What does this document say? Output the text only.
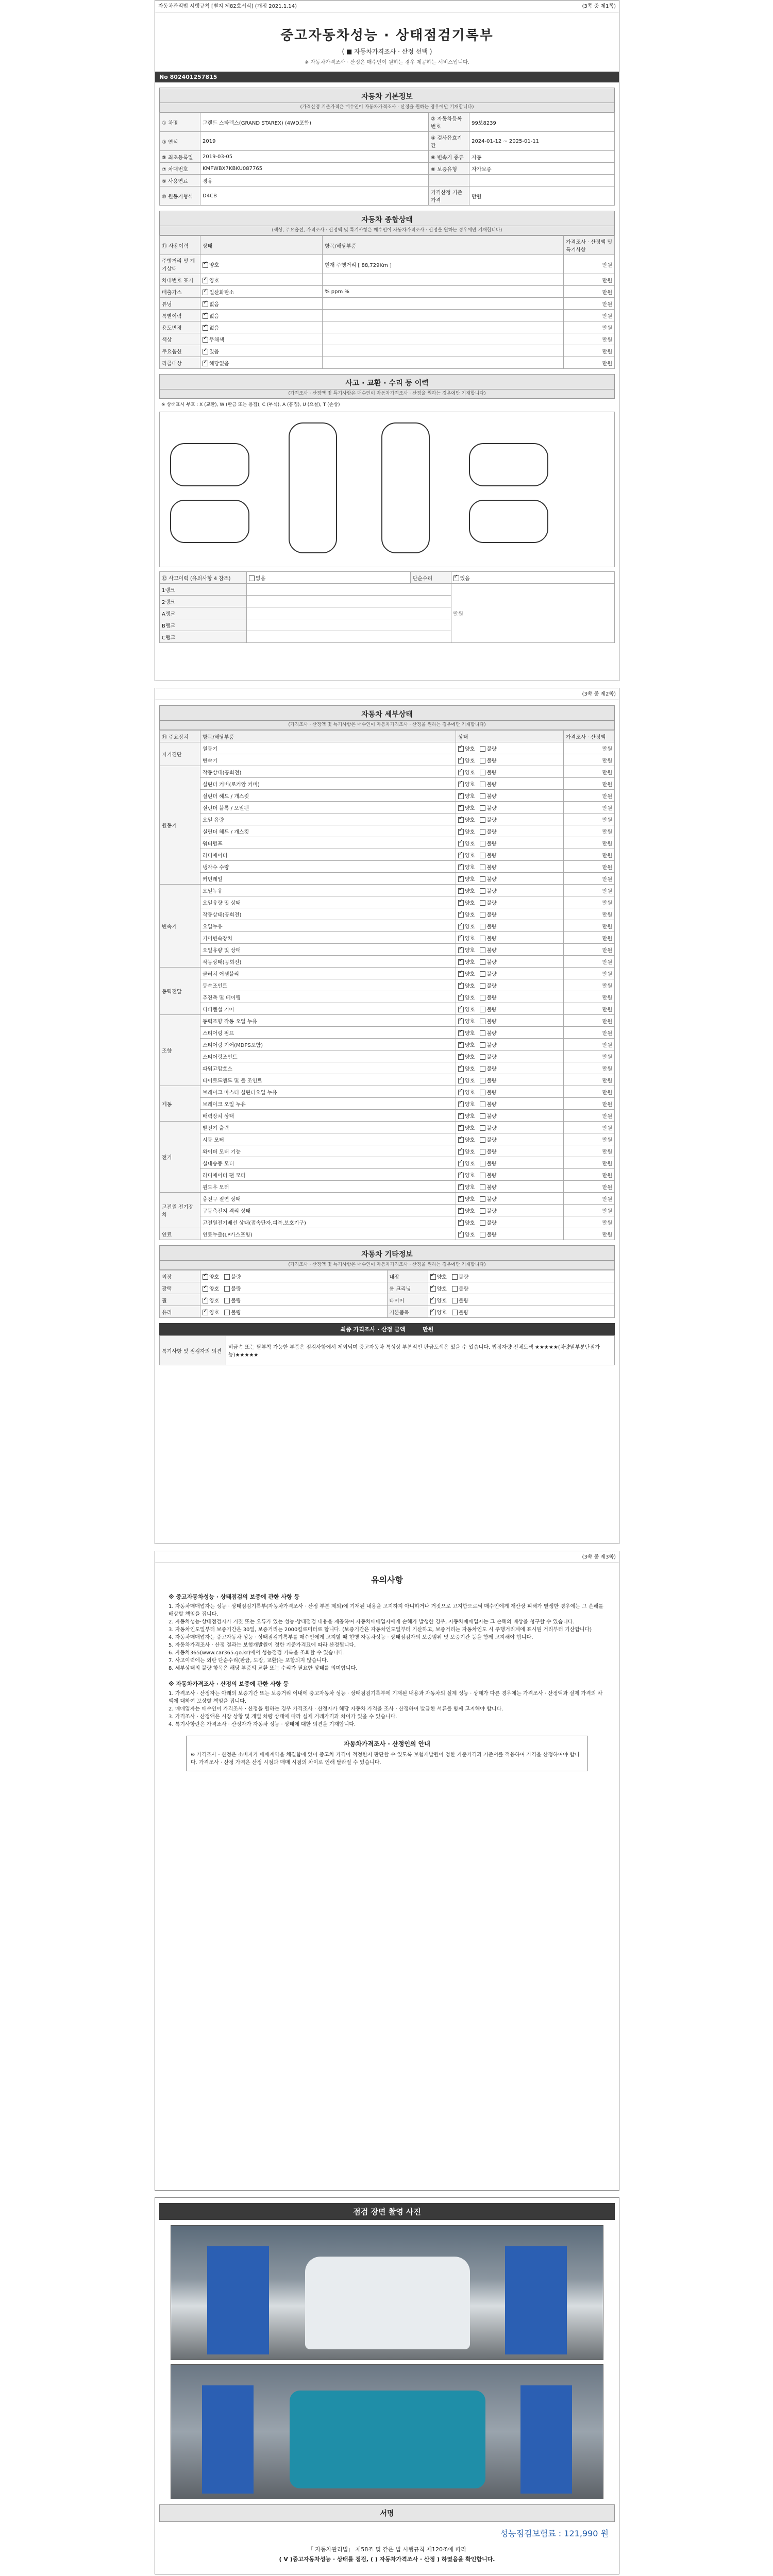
자동차관리법 시행규칙 [별지 제82호서식] (개정 2021.1.14)	(3쪽 중 제1쪽)
중고자동차성능 · 상태점검기록부
( ■ 자동차가격조사 · 산정 선택 )
※ 자동차가격조사 · 산정은 매수인이 원하는 경우 제공하는 서비스입니다.
No 802401257815
자동차 기본정보
(가격산정 기준가격은 매수인이 자동차가격조사 · 산정을 원하는 경우에만 기재합니다)
① 차명	그랜드 스타렉스(GRAND STAREX) (4WD포함)	② 자동차등록번호	99보8239
③ 연식	2019	④ 검사유효기간	2024-01-12 ~ 2025-01-11
⑤ 최초등록일	2019-03-05	⑥ 변속기 종류	자동
⑦ 차대번호	KMFWBX7KBKU087765	⑧ 보증유형	자가보증
⑨ 사용연료	경유		
⑩ 원동기형식	D4CB	가격산정 기준가격	만원
자동차 종합상태
(색상, 주요옵션, 가격조사 · 산정액 및 특기사항은 매수인이 자동차가격조사 · 산정을 원하는 경우에만 기재합니다)
⑪ 사용이력	상태	항목/해당부품	가격조사 · 산정액 및 특기사항
주행거리 및 계기상태	✓양호	현재 주행거리 [ 88,729Km ]	만원
차대번호 표기	✓양호		만원
배출가스	✓일산화탄소	% ppm %	만원
튜닝	✓없음		만원
특별이력	✓없음		만원
용도변경	✓없음		만원
색상	✓무채색		만원
주요옵션	✓있음		만원
리콜대상	✓해당없음		만원
사고 · 교환 · 수리 등 이력
(가격조사 · 산정액 및 특기사항은 매수인이 자동차가격조사 · 산정을 원하는 경우에만 기재합니다)
※ 상태표시 부호 : X (교환), W (판금 또는 용접), C (부식), A (흠집), U (요철), T (손상)
⑫ 사고이력 (유의사항 4 참조)	없음	단순수리	✓있음
1랭크			만원
2랭크			
A랭크			
B랭크			
C랭크			
(3쪽 중 제2쪽)
자동차 세부상태
(가격조사 · 산정액 및 특기사항은 매수인이 자동차가격조사 · 산정을 원하는 경우에만 기재합니다)
⑭ 주요장치	항목/해당부품	상태	가격조사 · 산정액
자기진단	원동기	✓양호 불량	만원
	변속기	✓양호 불량	만원
원동기	작동상태(공회전)	✓양호 불량	만원
	실린더 커버(로커암 커버)	✓양호 불량	만원
	실린더 헤드 / 개스킷	✓양호 불량	만원
	실린더 블록 / 오일팬	✓양호 불량	만원
	오일 유량	✓양호 불량	만원
	실린더 헤드 / 개스킷	✓양호 불량	만원
	워터펌프	✓양호 불량	만원
	라디에이터	✓양호 불량	만원
	냉각수 수량	✓양호 불량	만원
	커먼레일	✓양호 불량	만원
변속기	오일누유	✓양호 불량	만원
	오일유량 및 상태	✓양호 불량	만원
	작동상태(공회전)	✓양호 불량	만원
	오일누유	✓양호 불량	만원
	기어변속장치	✓양호 불량	만원
	오일유량 및 상태	✓양호 불량	만원
	작동상태(공회전)	✓양호 불량	만원
동력전달	클러치 어셈블리	✓양호 불량	만원
	등속조인트	✓양호 불량	만원
	추진축 및 베어링	✓양호 불량	만원
	디퍼렌셜 기어	✓양호 불량	만원
조향	동력조향 작동 오일 누유	✓양호 불량	만원
	스티어링 펌프	✓양호 불량	만원
	스티어링 기어(MDPS포함)	✓양호 불량	만원
	스티어링조인트	✓양호 불량	만원
	파워고압호스	✓양호 불량	만원
	타이로드엔드 및 볼 조인트	✓양호 불량	만원
제동	브레이크 마스터 실린더오일 누유	✓양호 불량	만원
	브레이크 오일 누유	✓양호 불량	만원
	배력장치 상태	✓양호 불량	만원
전기	발전기 출력	✓양호 불량	만원
	시동 모터	✓양호 불량	만원
	와이퍼 모터 기능	✓양호 불량	만원
	실내송풍 모터	✓양호 불량	만원
	라디에이터 팬 모터	✓양호 불량	만원
	윈도우 모터	✓양호 불량	만원
고전원 전기장치	충전구 절연 상태	✓양호 불량	만원
	구동축전지 격리 상태	✓양호 불량	만원
	고전원전기배선 상태(접속단자,피복,보호기구)	✓양호 불량	만원
연료	연료누출(LP가스포함)	✓양호 불량	만원
자동차 기타정보
(가격조사 · 산정액 및 특기사항은 매수인이 자동차가격조사 · 산정을 원하는 경우에만 기재합니다)
외장	✓양호 불량	내장	✓양호 불량
광택	✓양호 불량	룸 크리닝	✓양호 불량
휠	✓양호 불량	타이어	✓양호 불량
유리	✓양호 불량	기본품목	✓양호 불량
최종 가격조사 · 산정 금액	만원
특기사항 및 점검자의 의견	비금속 또는 탈부착 가능한 부품은 점검사항에서 제외되며 중고자동차 특성상 부분적인 판금도색은 있을 수 있습니다. 법정자량 전체도색 ★★★★★(차량밑부분단점가능)★★★★★
(3쪽 중 제3쪽)
유의사항
※ 중고자동차성능 · 상태점검의 보증에 관한 사항 등
1. 자동차매매업자는 성능 · 상태점검기록부(자동차가격조사 · 산정 부분 제외)에 기재된 내용을 고지하지 아니하거나 거짓으로 고지함으로써 매수인에게 재산상 피해가 발생한 경우에는 그 손해를 배상할 책임을 집니다.
2. 자동차성능·상태점검자가 거짓 또는 오류가 있는 성능·상태점검 내용을 제공하여 자동차매매업자에게 손해가 발생한 경우, 자동차매매업자는 그 손해의 배상을 청구할 수 있습니다.
3. 자동차인도일부터 보증기간은 30일, 보증거리는 2000킬로미터로 합니다. (보증기간은 자동차인도일부터 기산하고, 보증거리는 자동차인도 시 주행거리계에 표시된 거리부터 기산합니다)
4. 자동차매매업자는 중고자동차 성능 · 상태점검기록부를 매수인에게 고지할 때 현행 자동차성능 · 상태점검자의 보증범위 및 보증기간 등을 함께 고지해야 합니다.
5. 자동차가격조사 · 산정 결과는 보험개발원이 정한 기준가격표에 따라 산정됩니다.
6. 자동차365(www.car365.go.kr)에서 성능점검 기록을 조회할 수 있습니다.
7. 사고이력에는 외판 단순수리(판금, 도장, 교환)는 포함되지 않습니다.
8. 세부상태의 불량 항목은 해당 부품의 교환 또는 수리가 필요한 상태를 의미합니다.
※ 자동차가격조사 · 산정의 보증에 관한 사항 등
1. 가격조사 · 산정자는 아래의 보증기간 또는 보증거리 이내에 중고자동차 성능 · 상태점검기록부에 기재된 내용과 자동차의 실제 성능 · 상태가 다른 경우에는 가격조사 · 산정액과 실제 가격의 차액에 대하여 보상할 책임을 집니다.
2. 매매업자는 매수인이 가격조사 · 산정을 원하는 경우 가격조사 · 산정자가 해당 자동차 가격을 조사 · 산정하여 발급한 서류를 함께 고지해야 합니다.
3. 가격조사 · 산정액은 시장 상황 및 개별 차량 상태에 따라 실제 거래가격과 차이가 있을 수 있습니다.
4. 특기사항란은 가격조사 · 산정자가 자동차 성능 · 상태에 대한 의견을 기재합니다.
자동차가격조사 · 산정인의 안내
※ 가격조사 · 산정은 소비자가 매매계약을 체결함에 있어 중고차 가격이 적정한지 판단할 수 있도록 보험개발원이 정한 기준가격과 기준서를 적용하여 가격을 산정하여야 합니다. 가격조사 · 산정 가격은 산정 시점과 매매 시점의 차이로 인해 달라질 수 있습니다.
점검 장면 촬영 사진
서명
성능점검보험료 : 121,990 원
「 자동차관리법」 제58조 및 같은 법 시행규칙 제120조에 따라
( V )중고자동차성능 · 상태를 점검, ( ) 자동차가격조사 · 산정 ) 하였음을 확인합니다.
